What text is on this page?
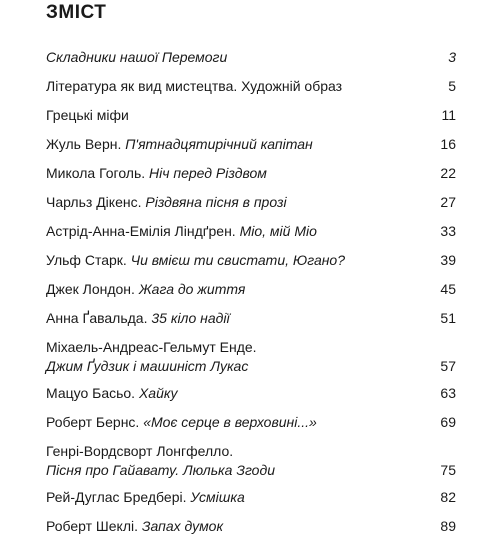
ЗМІСТ
Складники нашої Перемоги	3
Література як вид мистецтва. Художній образ	5
Грецькі міфи	11
Жуль Верн. П'ятнадцятирічний капітан	16
Микола Гоголь. Ніч перед Різдвом	22
Чарльз Дікенс. Різдвяна пісня в прозі	27
Астрід-Анна-Емілія Ліндґрен. Міо, мій Міо	33
Ульф Старк. Чи вмієш ти свистати, Югано?	39
Джек Лондон. Жага до життя	45
Анна Ґавальда. 35 кіло надії	51
Міхаель-Андреас-Гельмут Енде.
Джим Ґудзик і машиніст Лукас	57
Мацуо Басьо. Хайку	63
Роберт Бернс. «Моє серце в верховині...»	69
Генрі-Вордсворт Лонгфелло.
Пісня про Гайавату. Люлька Згоди	75
Рей-Дуглас Бредбері. Усмішка	82
Роберт Шеклі. Запах думок	89
